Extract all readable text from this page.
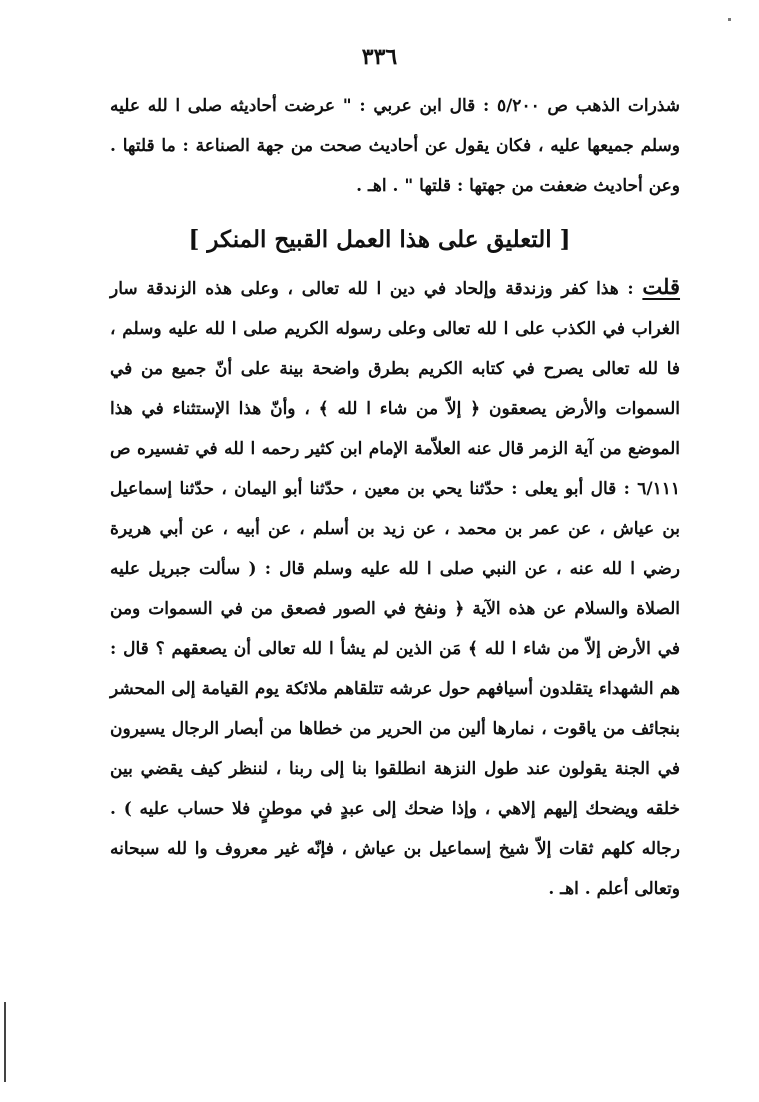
٣٣٦
شذرات الذهب ص ٥/٢٠٠ : قال ابن عربي : " عرضت أحاديثه صلى ا لله عليه وسلم جميعها عليه ، فكان يقول عن أحاديث صحت من جهة الصناعة : ما قلتها . وعن أحاديث ضعفت من جهتها : قلتها " . اهـ .
[ التعليق على هذا العمل القبيح المنكر ]
قلت : هذا كفر وزندقة وإلحاد في دين ا لله تعالى ، وعلى هذه الزندقة سار الغراب في الكذب على ا لله تعالى وعلى رسوله الكريم صلى ا لله عليه وسلم ، فا لله تعالى يصرح في كتابه الكريم بطرق واضحة بينة على أنّ جميع من في السموات والأرض يصعقون ﴿ إلاّ من شاء ا لله ﴾ ، وأنّ هذا الإستثناء في هذا الموضع من آية الزمر قال عنه العلاّمة الإمام ابن كثير رحمه ا لله في تفسيره ص ٦/١١١ : قال أبو يعلى : حدّثنا يحي بن معين ، حدّثنا أبو اليمان ، حدّثنا إسماعيل بن عياش ، عن عمر بن محمد ، عن زيد بن أسلم ، عن أبيه ، عن أبي هريرة رضي ا لله عنه ، عن النبي صلى ا لله عليه وسلم قال : ( سألت جبريل عليه الصلاة والسلام عن هذه الآية ﴿ ونفخ في الصور فصعق من في السموات ومن في الأرض إلاّ من شاء ا لله ﴾ مَن الذين لم يشأ ا لله تعالى أن يصعقهم ؟ قال : هم الشهداء يتقلدون أسيافهم حول عرشه تتلقاهم ملائكة يوم القيامة إلى المحشر بنجائف من ياقوت ، نمارها ألين من الحرير من خطاها من أبصار الرجال يسيرون في الجنة يقولون عند طول النزهة انطلقوا بنا إلى ربنا ، لننظر كيف يقضي بين خلقه ويضحك إليهم إلاهي ، وإذا ضحك إلى عبدٍ في موطنٍ فلا حساب عليه ) . رجاله كلهم ثقات إلاّ شيخ إسماعيل بن عياش ، فإنّه غير معروف وا لله سبحانه وتعالى أعلم . اهـ .
